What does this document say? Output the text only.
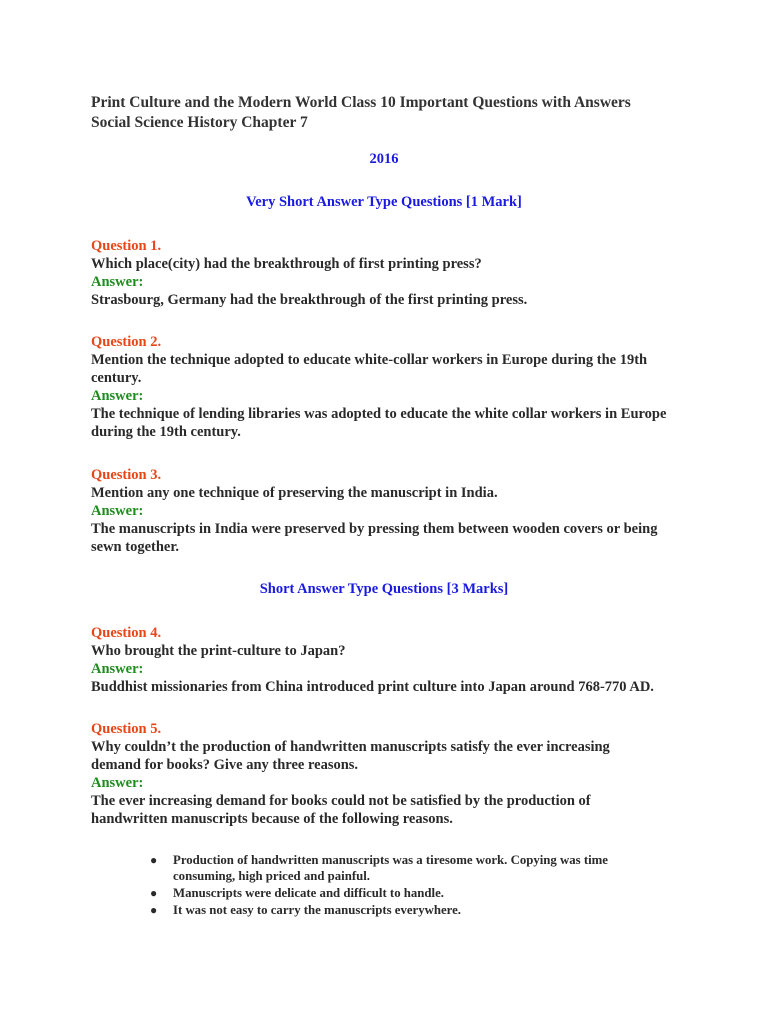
Print Culture and the Modern World Class 10 Important Questions with Answers
Social Science History Chapter 7
2016
Very Short Answer Type Questions [1 Mark]
Question 1.
Which place(city) had the breakthrough of first printing press?
Answer:
Strasbourg, Germany had the breakthrough of the first printing press.
Question 2.
Mention the technique adopted to educate white-collar workers in Europe during the 19th century.
Answer:
The technique of lending libraries was adopted to educate the white collar workers in Europe during the 19th century.
Question 3.
Mention any one technique of preserving the manuscript in India.
Answer:
The manuscripts in India were preserved by pressing them between wooden covers or being sewn together.
Short Answer Type Questions [3 Marks]
Question 4.
Who brought the print-culture to Japan?
Answer:
Buddhist missionaries from China introduced print culture into Japan around 768-770 AD.
Question 5.
Why couldn’t the production of handwritten manuscripts satisfy the ever increasing demand for books? Give any three reasons.
Answer:
The ever increasing demand for books could not be satisfied by the production of handwritten manuscripts because of the following reasons.
● Production of handwritten manuscripts was a tiresome work. Copying was time consuming, high priced and painful.
● Manuscripts were delicate and difficult to handle.
● It was not easy to carry the manuscripts everywhere.
